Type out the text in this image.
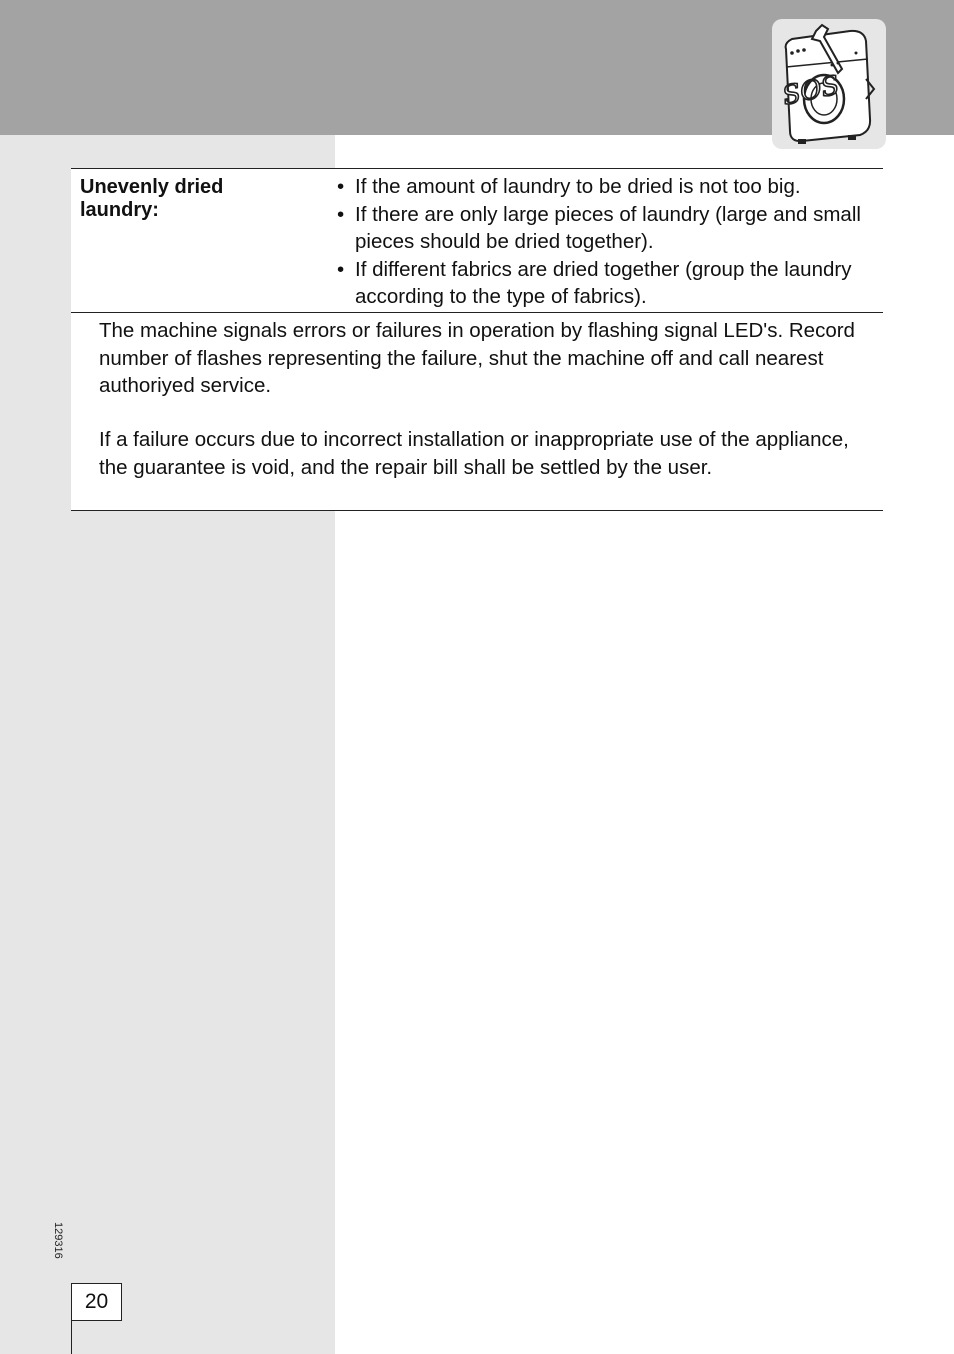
SOS
Unevenly dried laundry:
• If the amount of laundry to be dried is not too big.
• If there are only large pieces of laundry (large and small pieces should be dried together).
• If different fabrics are dried together (group the laundry according to the type of fabrics).

The machine signals errors or failures in operation by flashing signal LED's. Record number of flashes representing the failure, shut the machine off and call nearest authoriyed service.

If a failure occurs due to incorrect installation or inappropriate use of the appliance, the guarantee is void, and the repair bill shall be settled by the user.

129316
20
